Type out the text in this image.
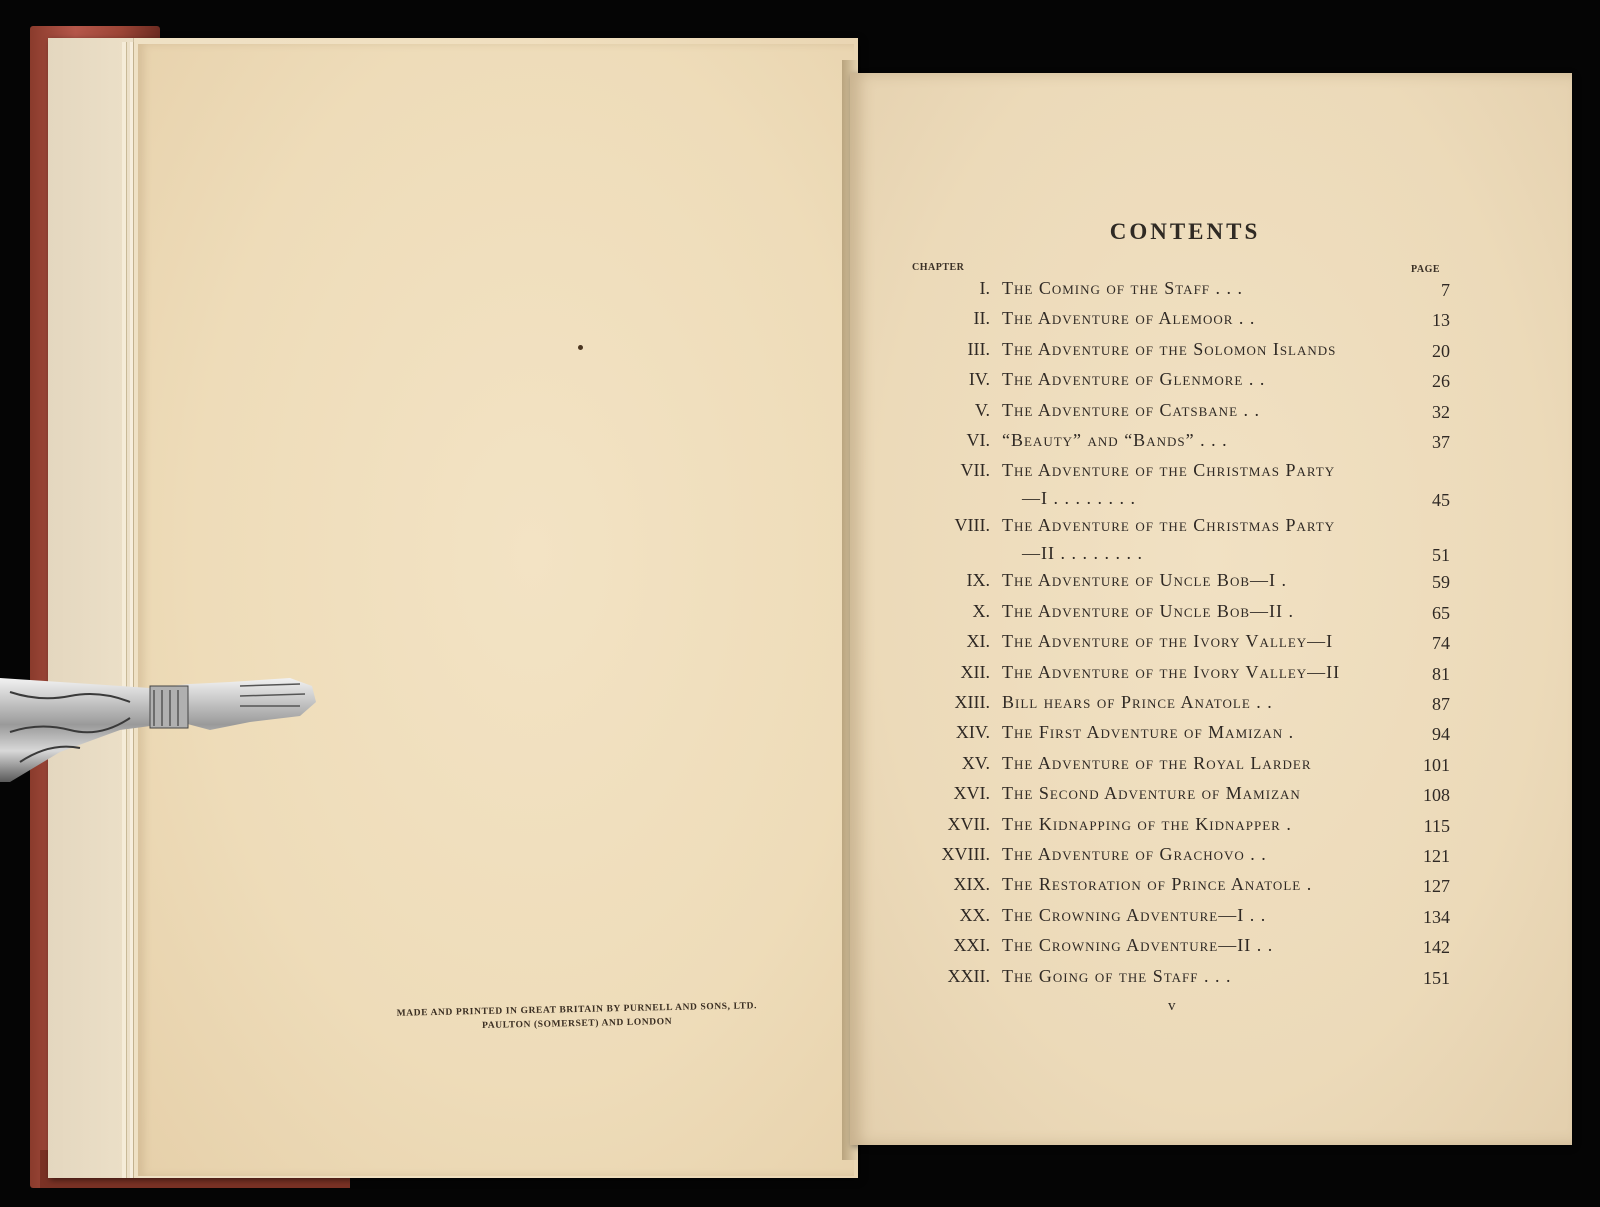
MADE AND PRINTED IN GREAT BRITAIN BY PURNELL AND SONS, LTD.
PAULTON (SOMERSET) AND LONDON
CONTENTS
CHAPTER	PAGE
I. The Coming of the Staff . . .	7
II. The Adventure of Alemoor . .	13
III. The Adventure of the Solomon Islands	20
IV. The Adventure of Glenmore . .	26
V. The Adventure of Catsbane . .	32
VI. “Beauty” and “Bands” . . .	37
VII. The Adventure of the Christmas Party
—I . . . . . . . .	45
VIII. The Adventure of the Christmas Party
—II . . . . . . . .	51
IX. The Adventure of Uncle Bob—I .	59
X. The Adventure of Uncle Bob—II .	65
XI. The Adventure of the Ivory Valley—I	74
XII. The Adventure of the Ivory Valley—II	81
XIII. Bill hears of Prince Anatole . .	87
XIV. The First Adventure of Mamizan .	94
XV. The Adventure of the Royal Larder	101
XVI. The Second Adventure of Mamizan	108
XVII. The Kidnapping of the Kidnapper .	115
XVIII. The Adventure of Grachovo . .	121
XIX. The Restoration of Prince Anatole .	127
XX. The Crowning Adventure—I . .	134
XXI. The Crowning Adventure—II . .	142
XXII. The Going of the Staff . . .	151
v
